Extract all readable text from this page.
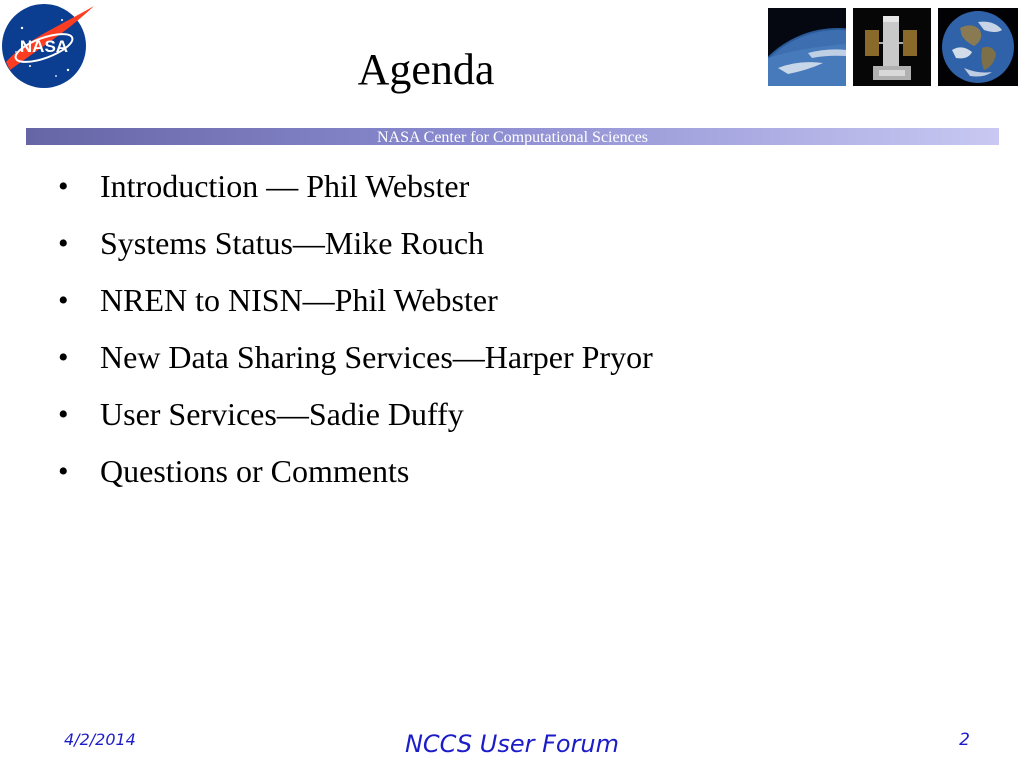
NASA	Agenda
NASA Center for Computational Sciences
• Introduction — Phil Webster
• Systems Status—Mike Rouch
• NREN to NISN—Phil Webster
• New Data Sharing Services—Harper Pryor
• User Services—Sadie Duffy
• Questions or Comments
4/2/2014	NCCS User Forum	2
